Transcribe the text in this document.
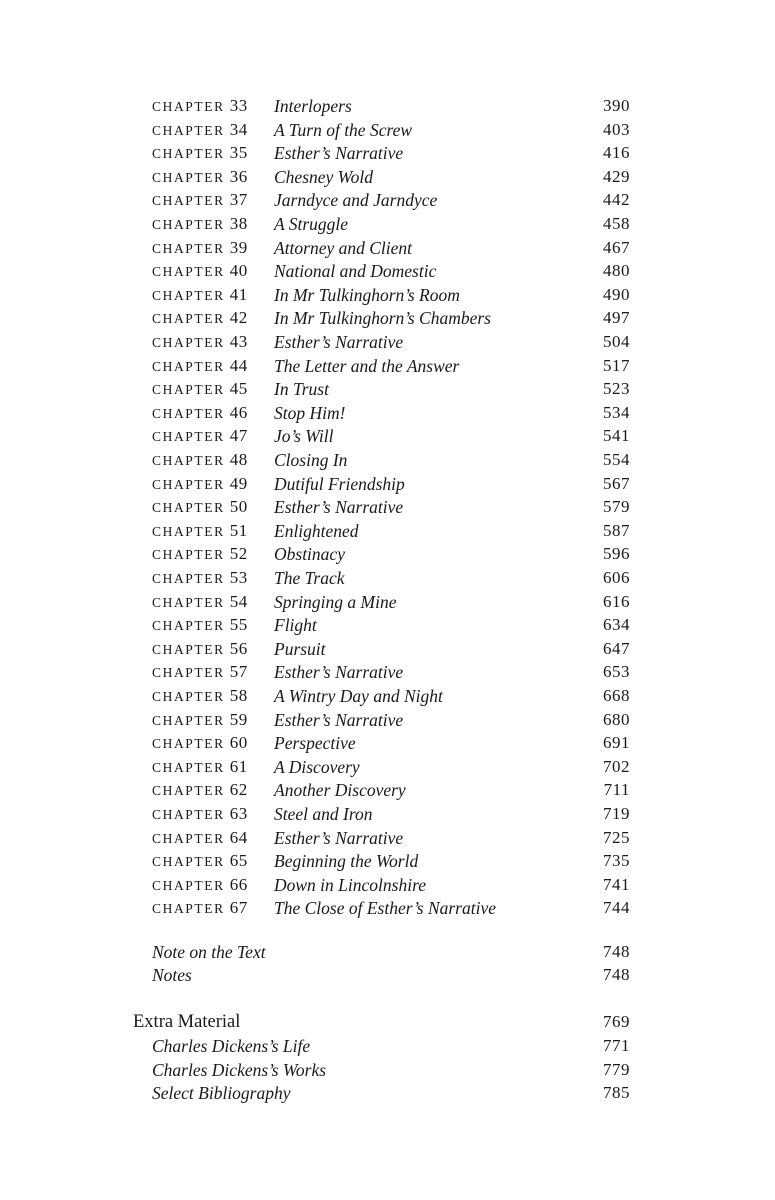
CHAPTER 33 Interlopers	390
CHAPTER 34 A Turn of the Screw	403
CHAPTER 35 Esther’s Narrative	416
CHAPTER 36 Chesney Wold	429
CHAPTER 37 Jarndyce and Jarndyce	442
CHAPTER 38 A Struggle	458
CHAPTER 39 Attorney and Client	467
CHAPTER 40 National and Domestic	480
CHAPTER 41 In Mr Tulkinghorn’s Room	490
CHAPTER 42 In Mr Tulkinghorn’s Chambers	497
CHAPTER 43 Esther’s Narrative	504
CHAPTER 44 The Letter and the Answer	517
CHAPTER 45 In Trust	523
CHAPTER 46 Stop Him!	534
CHAPTER 47 Jo’s Will	541
CHAPTER 48 Closing In	554
CHAPTER 49 Dutiful Friendship	567
CHAPTER 50 Esther’s Narrative	579
CHAPTER 51 Enlightened	587
CHAPTER 52 Obstinacy	596
CHAPTER 53 The Track	606
CHAPTER 54 Springing a Mine	616
CHAPTER 55 Flight	634
CHAPTER 56 Pursuit	647
CHAPTER 57 Esther’s Narrative	653
CHAPTER 58 A Wintry Day and Night	668
CHAPTER 59 Esther’s Narrative	680
CHAPTER 60 Perspective	691
CHAPTER 61 A Discovery	702
CHAPTER 62 Another Discovery	711
CHAPTER 63 Steel and Iron	719
CHAPTER 64 Esther’s Narrative	725
CHAPTER 65 Beginning the World	735
CHAPTER 66 Down in Lincolnshire	741
CHAPTER 67 The Close of Esther’s Narrative	744
Note on the Text	748
Notes	748
Extra Material	769
Charles Dickens’s Life	771
Charles Dickens’s Works	779
Select Bibliography	785
